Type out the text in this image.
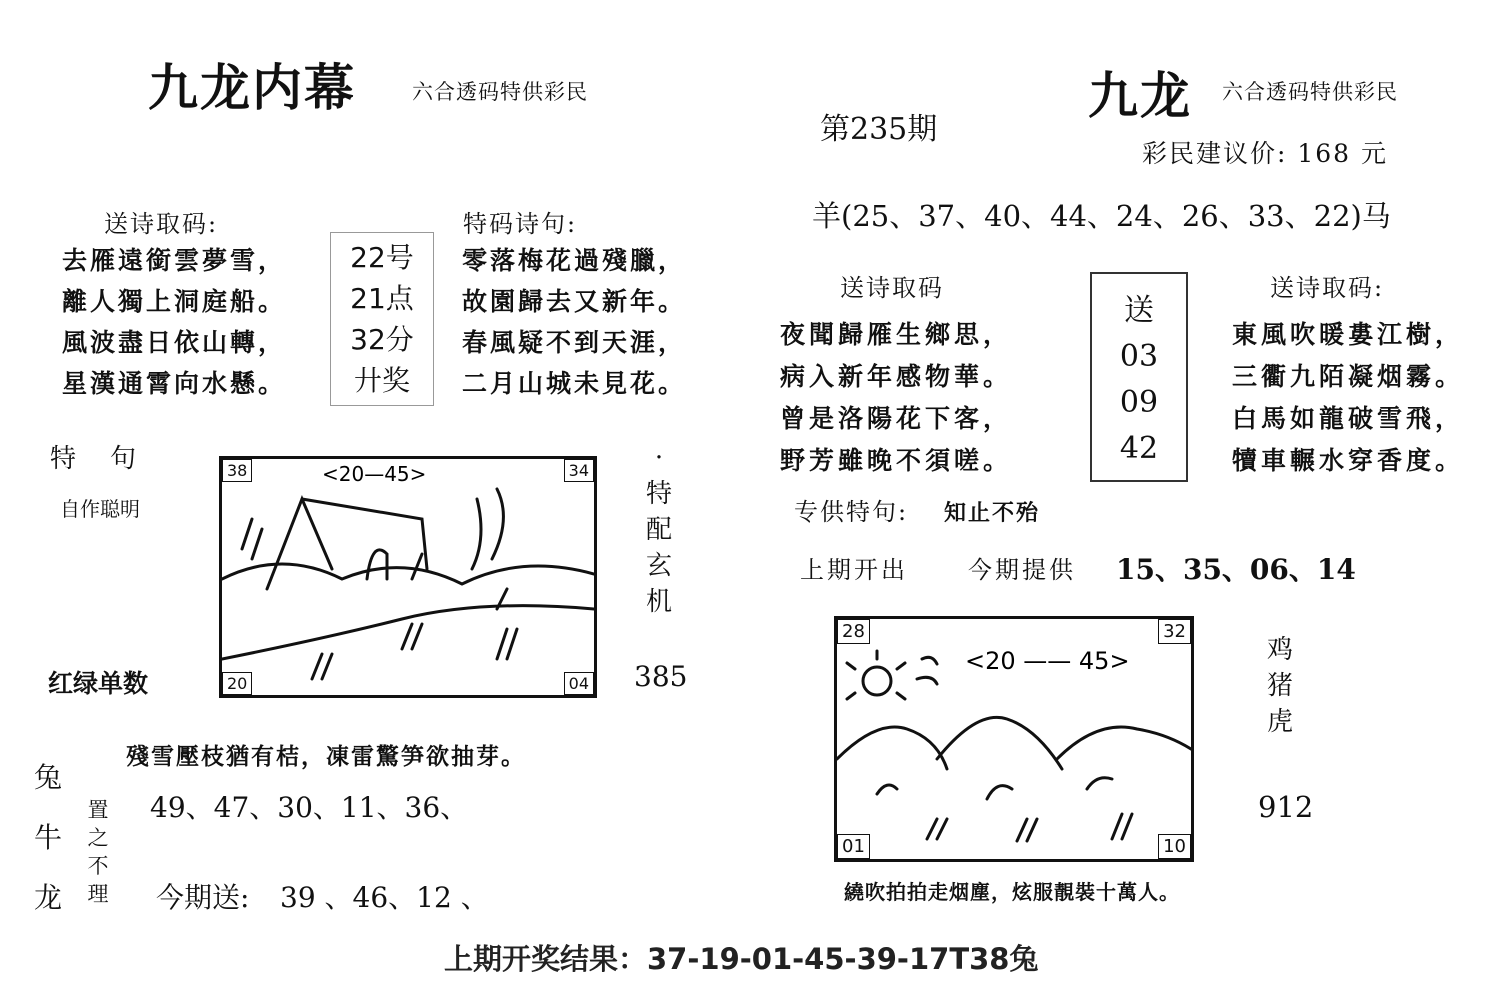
九龙内幕	六合透码特供彩民
送诗取码:
去雁遠銜雲夢雪，
離人獨上洞庭船。
風波盡日依山轉，
星漢通霄向水懸。
22号
21点
32分
廾奖
特码诗句:
零落梅花過殘臘，
故園歸去又新年。
春風疑不到天涯，
二月山城未見花。
特　句
自作聪明
红绿单数
<20—45>
38	34
20	04
·
特
配
玄
机
385
殘雪壓枝猶有桔，凍雷驚笋欲抽芽。
兔
牛
龙
置
之
不
理
49、47、30、11、36、
今期送: 39 、46、12 、
第235期
九龙 六合透码特供彩民
彩民建议价: 168 元
羊(25、37、40、44、24、26、33、22)马
送诗取码
夜聞歸雁生鄉思，
病入新年感物華。
曾是洛陽花下客，
野芳雖晚不須嗟。
送
03
09
42
送诗取码:
東風吹暖婁江樹，
三衢九陌凝烟霧。
白馬如龍破雪飛，
犢車輾水穿香度。
专供特句: 知止不殆
上期开出	今期提供 15、35、06、14
<20 —— 45>
28	32
01	10
鸡
猪
虎
912
繞吹拍拍走烟塵，炫服靚裝十萬人。
上期开奖结果：37-19-01-45-39-17T38兔
